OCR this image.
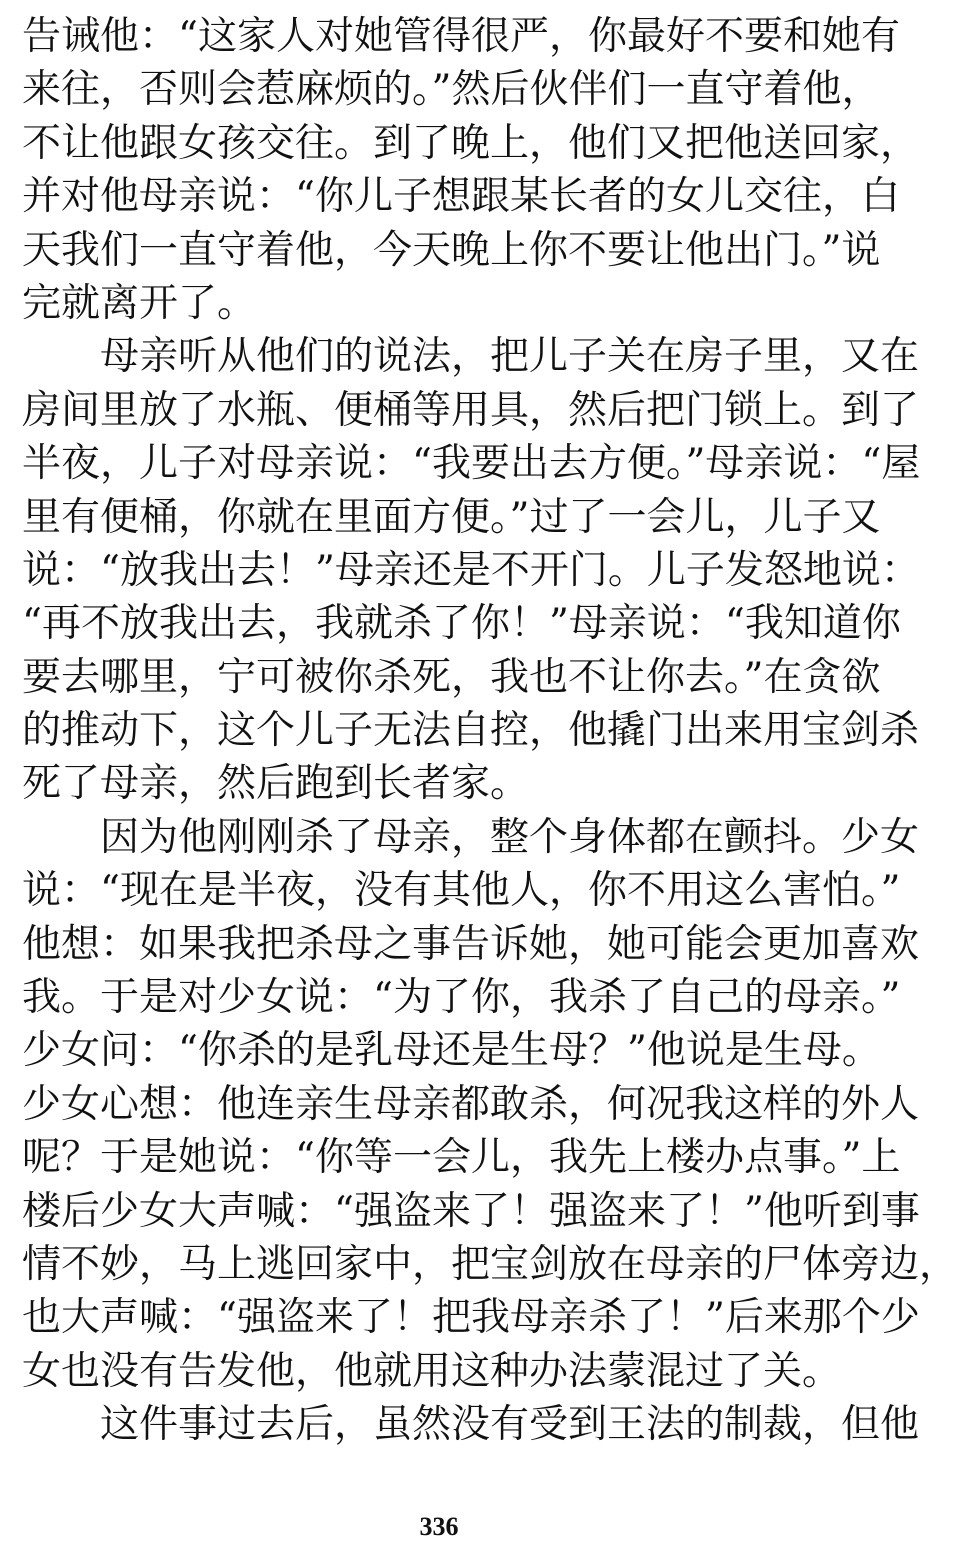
告诫他：“这家人对她管得很严，你最好不要和她有
来往，否则会惹麻烦的。”然后伙伴们一直守着他，
不让他跟女孩交往。到了晚上，他们又把他送回家，
并对他母亲说：“你儿子想跟某长者的女儿交往，白
天我们一直守着他，今天晚上你不要让他出门。”说
完就离开了。
母亲听从他们的说法，把儿子关在房子里，又在
房间里放了水瓶、便桶等用具，然后把门锁上。到了
半夜，儿子对母亲说：“我要出去方便。”母亲说：“屋
里有便桶，你就在里面方便。”过了一会儿，儿子又
说：“放我出去！”母亲还是不开门。儿子发怒地说：
“再不放我出去，我就杀了你！”母亲说：“我知道你
要去哪里，宁可被你杀死，我也不让你去。”在贪欲
的推动下，这个儿子无法自控，他撬门出来用宝剑杀
死了母亲，然后跑到长者家。
因为他刚刚杀了母亲，整个身体都在颤抖。少女
说：“现在是半夜，没有其他人，你不用这么害怕。”
他想：如果我把杀母之事告诉她，她可能会更加喜欢
我。于是对少女说：“为了你，我杀了自己的母亲。”
少女问：“你杀的是乳母还是生母？”他说是生母。
少女心想：他连亲生母亲都敢杀，何况我这样的外人
呢？于是她说：“你等一会儿，我先上楼办点事。”上
楼后少女大声喊：“强盗来了！强盗来了！”他听到事
情不妙，马上逃回家中，把宝剑放在母亲的尸体旁边，
也大声喊：“强盗来了！把我母亲杀了！”后来那个少
女也没有告发他，他就用这种办法蒙混过了关。
这件事过去后，虽然没有受到王法的制裁，但他
336
